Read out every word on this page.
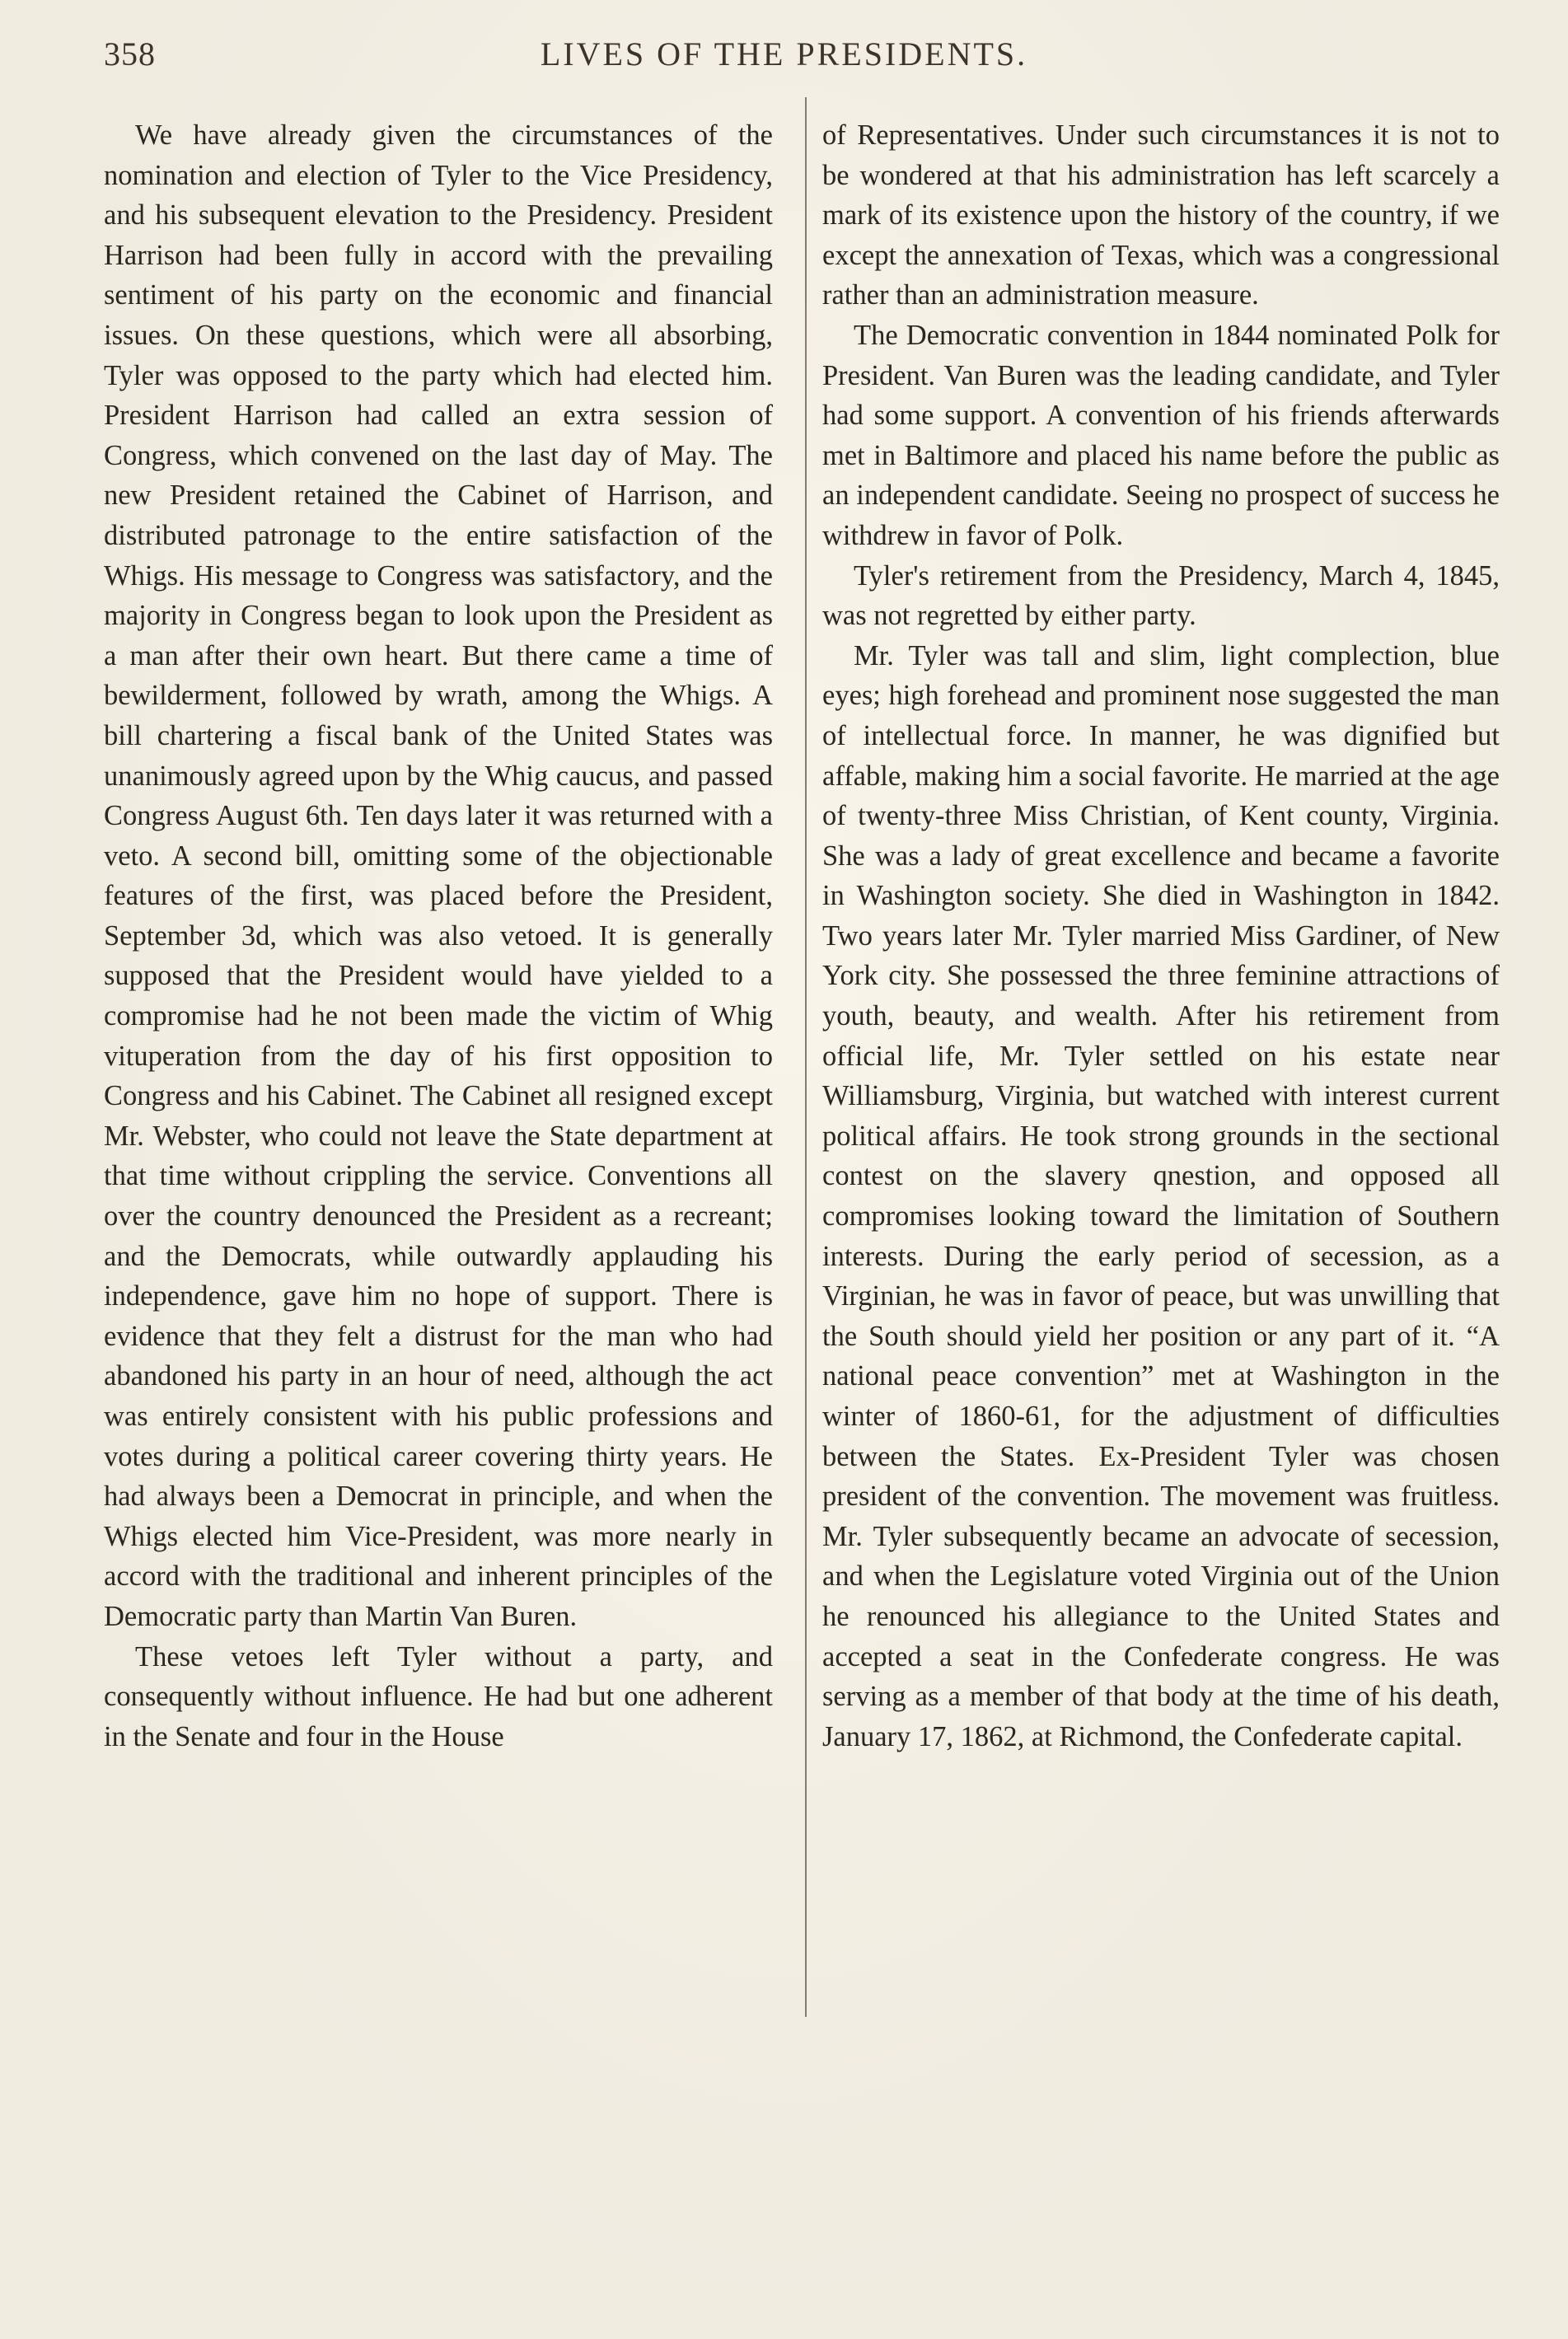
358	LIVES OF THE PRESIDENTS.

We have already given the circumstances of the nomination and election of Tyler to the Vice Presidency, and his subsequent elevation to the Presidency. President Harrison had been fully in accord with the prevailing sentiment of his party on the economic and financial issues. On these questions, which were all absorbing, Tyler was opposed to the party which had elected him. President Harrison had called an extra session of Congress, which convened on the last day of May. The new President retained the Cabinet of Harrison, and distributed patronage to the entire satisfaction of the Whigs. His message to Congress was satisfactory, and the majority in Congress began to look upon the President as a man after their own heart. But there came a time of bewilderment, followed by wrath, among the Whigs. A bill chartering a fiscal bank of the United States was unanimously agreed upon by the Whig caucus, and passed Congress August 6th. Ten days later it was returned with a veto. A second bill, omitting some of the objectionable features of the first, was placed before the President, September 3d, which was also vetoed. It is generally supposed that the President would have yielded to a compromise had he not been made the victim of Whig vituperation from the day of his first opposition to Congress and his Cabinet. The Cabinet all resigned except Mr. Webster, who could not leave the State department at that time without crippling the service. Conventions all over the country denounced the President as a recreant; and the Democrats, while outwardly applauding his independence, gave him no hope of support. There is evidence that they felt a distrust for the man who had abandoned his party in an hour of need, although the act was entirely consistent with his public professions and votes during a political career covering thirty years. He had always been a Democrat in principle, and when the Whigs elected him Vice-President, was more nearly in accord with the traditional and inherent principles of the Democratic party than Martin Van Buren.

These vetoes left Tyler without a party, and consequently without influence. He had but one adherent in the Senate and four in the House

of Representatives. Under such circumstances it is not to be wondered at that his administration has left scarcely a mark of its existence upon the history of the country, if we except the annexation of Texas, which was a congressional rather than an administration measure.

The Democratic convention in 1844 nominated Polk for President. Van Buren was the leading candidate, and Tyler had some support. A convention of his friends afterwards met in Baltimore and placed his name before the public as an independent candidate. Seeing no prospect of success he withdrew in favor of Polk.

Tyler's retirement from the Presidency, March 4, 1845, was not regretted by either party.

Mr. Tyler was tall and slim, light complection, blue eyes; high forehead and prominent nose suggested the man of intellectual force. In manner, he was dignified but affable, making him a social favorite. He married at the age of twenty-three Miss Christian, of Kent county, Virginia. She was a lady of great excellence and became a favorite in Washington society. She died in Washington in 1842. Two years later Mr. Tyler married Miss Gardiner, of New York city. She possessed the three feminine attractions of youth, beauty, and wealth. After his retirement from official life, Mr. Tyler settled on his estate near Williamsburg, Virginia, but watched with interest current political affairs. He took strong grounds in the sectional contest on the slavery qnestion, and opposed all compromises looking toward the limitation of Southern interests. During the early period of secession, as a Virginian, he was in favor of peace, but was unwilling that the South should yield her position or any part of it. “A national peace convention” met at Washington in the winter of 1860-61, for the adjustment of difficulties between the States. Ex-President Tyler was chosen president of the convention. The movement was fruitless. Mr. Tyler subsequently became an advocate of secession, and when the Legislature voted Virginia out of the Union he renounced his allegiance to the United States and accepted a seat in the Confederate congress. He was serving as a member of that body at the time of his death, January 17, 1862, at Richmond, the Confederate capital.
